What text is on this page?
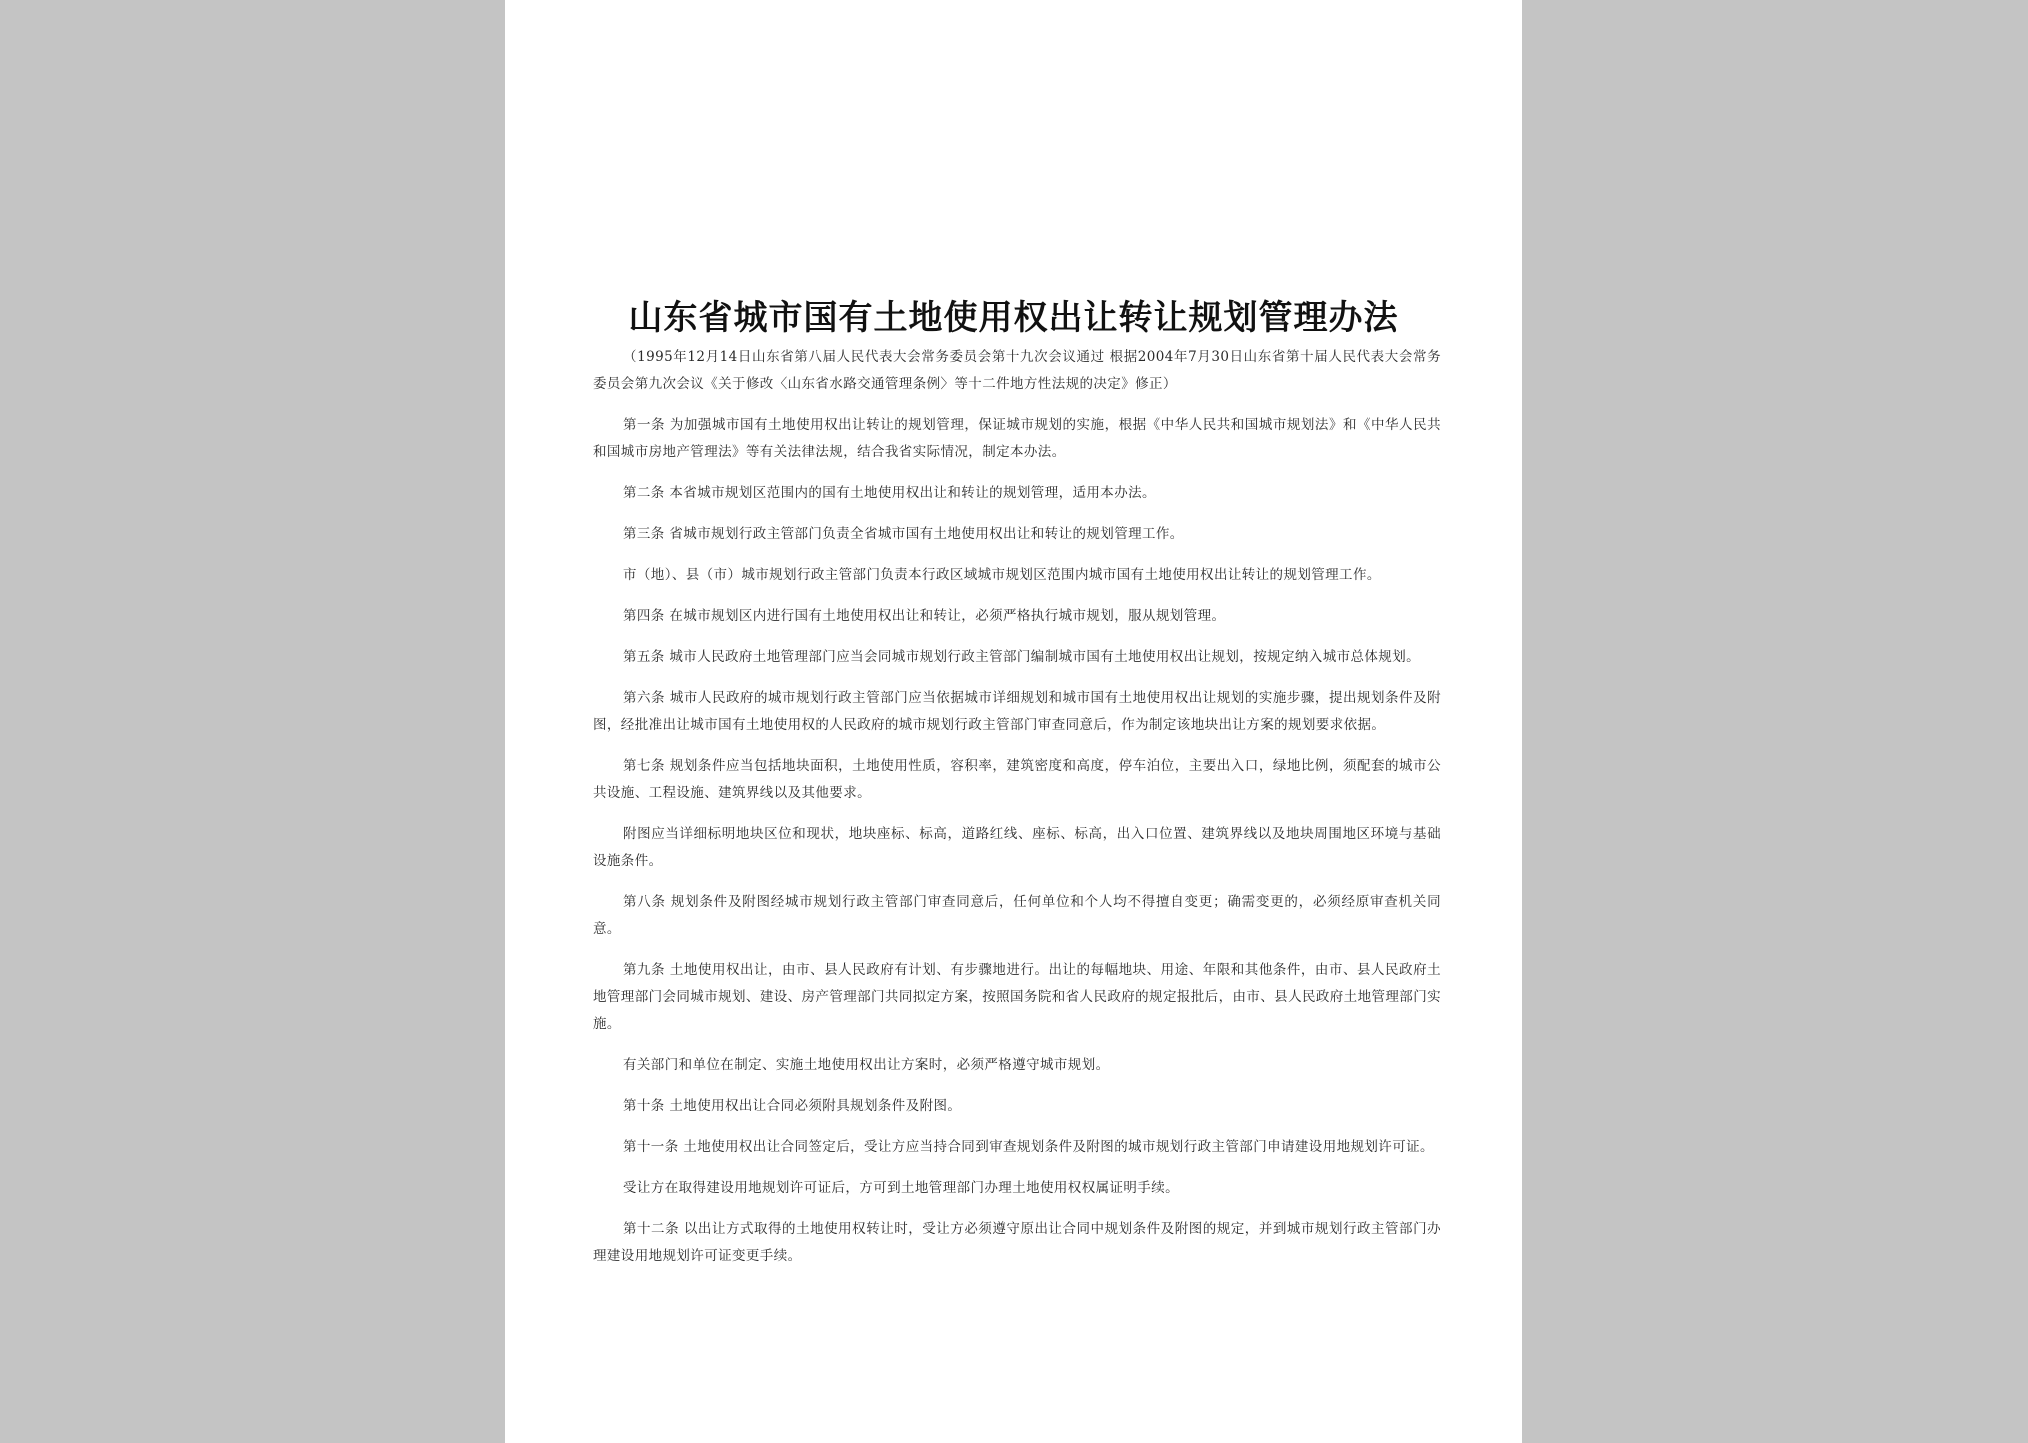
山东省城市国有土地使用权出让转让规划管理办法

（1995年12月14日山东省第八届人民代表大会常务委员会第十九次会议通过 根据2004年7月30日山东省第十届人民代表大会常务委员会第九次会议《关于修改〈山东省水路交通管理条例〉等十二件地方性法规的决定》修正）

第一条 为加强城市国有土地使用权出让转让的规划管理，保证城市规划的实施，根据《中华人民共和国城市规划法》和《中华人民共和国城市房地产管理法》等有关法律法规，结合我省实际情况，制定本办法。

第二条 本省城市规划区范围内的国有土地使用权出让和转让的规划管理，适用本办法。

第三条 省城市规划行政主管部门负责全省城市国有土地使用权出让和转让的规划管理工作。

市（地）、县（市）城市规划行政主管部门负责本行政区域城市规划区范围内城市国有土地使用权出让转让的规划管理工作。

第四条 在城市规划区内进行国有土地使用权出让和转让，必须严格执行城市规划，服从规划管理。

第五条 城市人民政府土地管理部门应当会同城市规划行政主管部门编制城市国有土地使用权出让规划，按规定纳入城市总体规划。

第六条 城市人民政府的城市规划行政主管部门应当依据城市详细规划和城市国有土地使用权出让规划的实施步骤，提出规划条件及附图，经批准出让城市国有土地使用权的人民政府的城市规划行政主管部门审查同意后，作为制定该地块出让方案的规划要求依据。

第七条 规划条件应当包括地块面积，土地使用性质，容积率，建筑密度和高度，停车泊位，主要出入口，绿地比例，须配套的城市公共设施、工程设施、建筑界线以及其他要求。

附图应当详细标明地块区位和现状，地块座标、标高，道路红线、座标、标高，出入口位置、建筑界线以及地块周围地区环境与基础设施条件。

第八条 规划条件及附图经城市规划行政主管部门审查同意后，任何单位和个人均不得擅自变更；确需变更的，必须经原审查机关同意。

第九条 土地使用权出让，由市、县人民政府有计划、有步骤地进行。出让的每幅地块、用途、年限和其他条件，由市、县人民政府土地管理部门会同城市规划、建设、房产管理部门共同拟定方案，按照国务院和省人民政府的规定报批后，由市、县人民政府土地管理部门实施。

有关部门和单位在制定、实施土地使用权出让方案时，必须严格遵守城市规划。

第十条 土地使用权出让合同必须附具规划条件及附图。

第十一条 土地使用权出让合同签定后，受让方应当持合同到审查规划条件及附图的城市规划行政主管部门申请建设用地规划许可证。

受让方在取得建设用地规划许可证后，方可到土地管理部门办理土地使用权权属证明手续。

第十二条 以出让方式取得的土地使用权转让时，受让方必须遵守原出让合同中规划条件及附图的规定，并到城市规划行政主管部门办理建设用地规划许可证变更手续。
